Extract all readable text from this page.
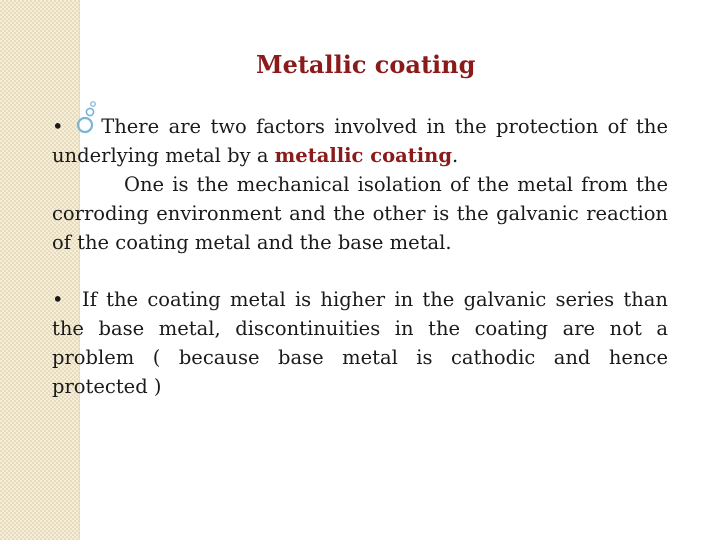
Metallic coating
• There are two factors involved in the protection of the underlying metal by a metallic coating.
One is the mechanical isolation of the metal from the corroding environment and the other is the galvanic reaction of the coating metal and the base metal.
• If the coating metal is higher in the galvanic series than the base metal, discontinuities in the coating are not a problem ( because base metal is cathodic and hence protected )
